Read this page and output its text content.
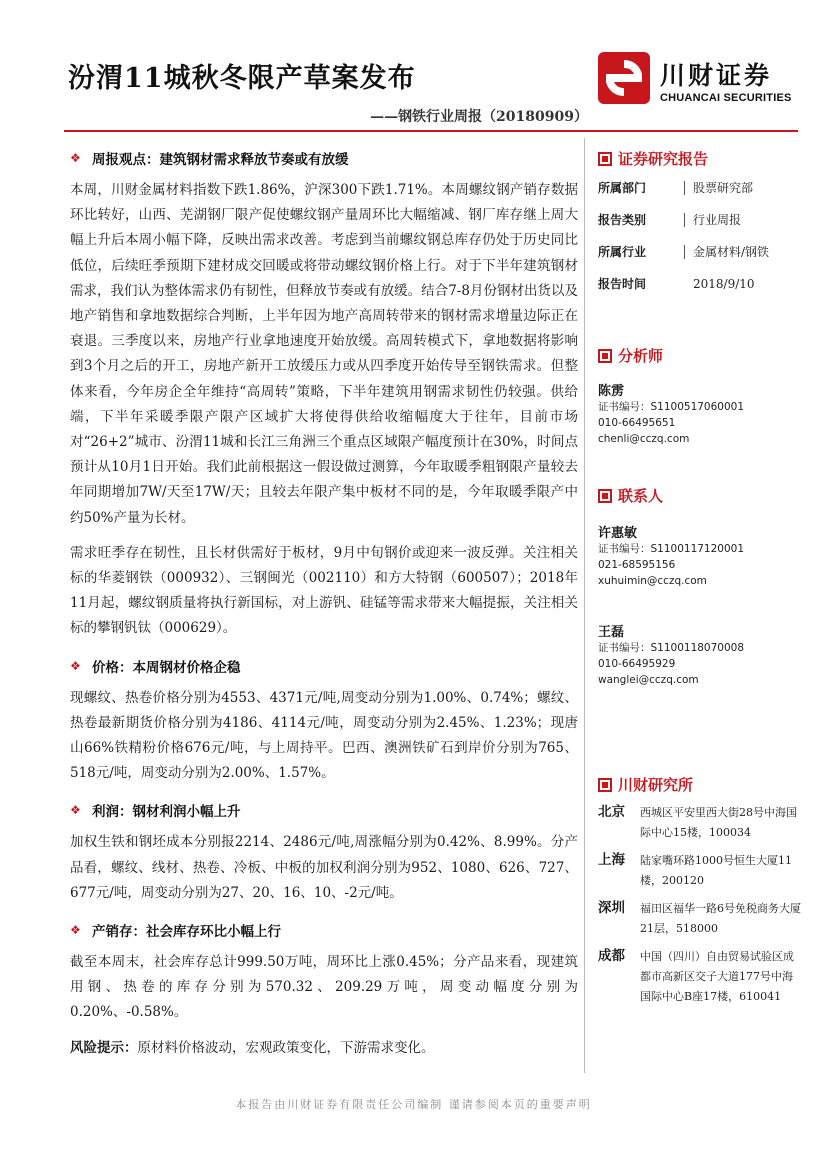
汾渭11城秋冬限产草案发布
——钢铁行业周报（20180909）
川财证券
CHUANCAI SECURITIES
❖ 周报观点：建筑钢材需求释放节奏或有放缓

本周，川财金属材料指数下跌1.86%，沪深300下跌1.71%。本周螺纹钢产销存数据环比转好，山西、芜湖钢厂限产促使螺纹钢产量周环比大幅缩减、钢厂库存继上周大幅上升后本周小幅下降，反映出需求改善。考虑到当前螺纹钢总库存仍处于历史同比低位，后续旺季预期下建材成交回暖或将带动螺纹钢价格上行。对于下半年建筑钢材需求，我们认为整体需求仍有韧性，但释放节奏或有放缓。结合7-8月份钢材出货以及地产销售和拿地数据综合判断，上半年因为地产高周转带来的钢材需求增量边际正在衰退。三季度以来，房地产行业拿地速度开始放缓。高周转模式下，拿地数据将影响到3个月之后的开工，房地产新开工放缓压力或从四季度开始传导至钢铁需求。但整体来看，今年房企全年维持“高周转”策略，下半年建筑用钢需求韧性仍较强。供给端，下半年采暖季限产限产区域扩大将使得供给收缩幅度大于往年，目前市场对“26+2”城市、汾渭11城和长江三角洲三个重点区域限产幅度预计在30%，时间点预计从10月1日开始。我们此前根据这一假设做过测算，今年取暖季粗钢限产量较去年同期增加7W/天至17W/天；且较去年限产集中板材不同的是，今年取暖季限产中约50%产量为长材。

需求旺季存在韧性，且长材供需好于板材，9月中旬钢价或迎来一波反弹。关注相关标的华菱钢铁（000932）、三钢闽光（002110）和方大特钢（600507）；2018年11月起，螺纹钢质量将执行新国标，对上游钒、硅锰等需求带来大幅提振，关注相关标的攀钢钒钛（000629）。

❖ 价格：本周钢材价格企稳

现螺纹、热卷价格分别为4553、4371元/吨,周变动分别为1.00%、0.74%；螺纹、热卷最新期货价格分别为4186、4114元/吨，周变动分别为2.45%、1.23%；现唐山66%铁精粉价格676元/吨，与上周持平。巴西、澳洲铁矿石到岸价分别为765、518元/吨，周变动分别为2.00%、1.57%。

❖ 利润：钢材利润小幅上升

加权生铁和钢坯成本分别报2214、2486元/吨,周涨幅分别为0.42%、8.99%。分产品看，螺纹、线材、热卷、冷板、中板的加权利润分别为952、1080、626、727、677元/吨，周变动分别为27、20、16、10、-2元/吨。

❖ 产销存：社会库存环比小幅上行

截至本周末，社会库存总计999.50万吨，周环比上涨0.45%；分产品来看，现建筑用钢、热卷的库存分别为570.32、209.29万吨，周变动幅度分别为0.20%、-0.58%。

风险提示：原材料价格波动，宏观政策变化，下游需求变化。

证券研究报告
所属部门	股票研究部
报告类别	行业周报
所属行业	金属材料/钢铁
报告时间	2018/9/10
分析师

陈雳

证书编号：S1100517060001

010-66495651

chenli@cczq.com

联系人

许惠敏

证书编号：S1100117120001

021-68595156

xuhuimin@cczq.com

王磊

证书编号：S1100118070008

010-66495929

wanglei@cczq.com

川财研究所
北京	西城区平安里西大街28号中海国际中心15楼，100034
上海	陆家嘴环路1000号恒生大厦11楼，200120
深圳	福田区福华一路6号免税商务大厦21层，518000
成都	中国（四川）自由贸易试验区成都市高新区交子大道177号中海国际中心B座17楼，610041
本报告由川财证券有限责任公司编制 谨请参阅本页的重要声明
